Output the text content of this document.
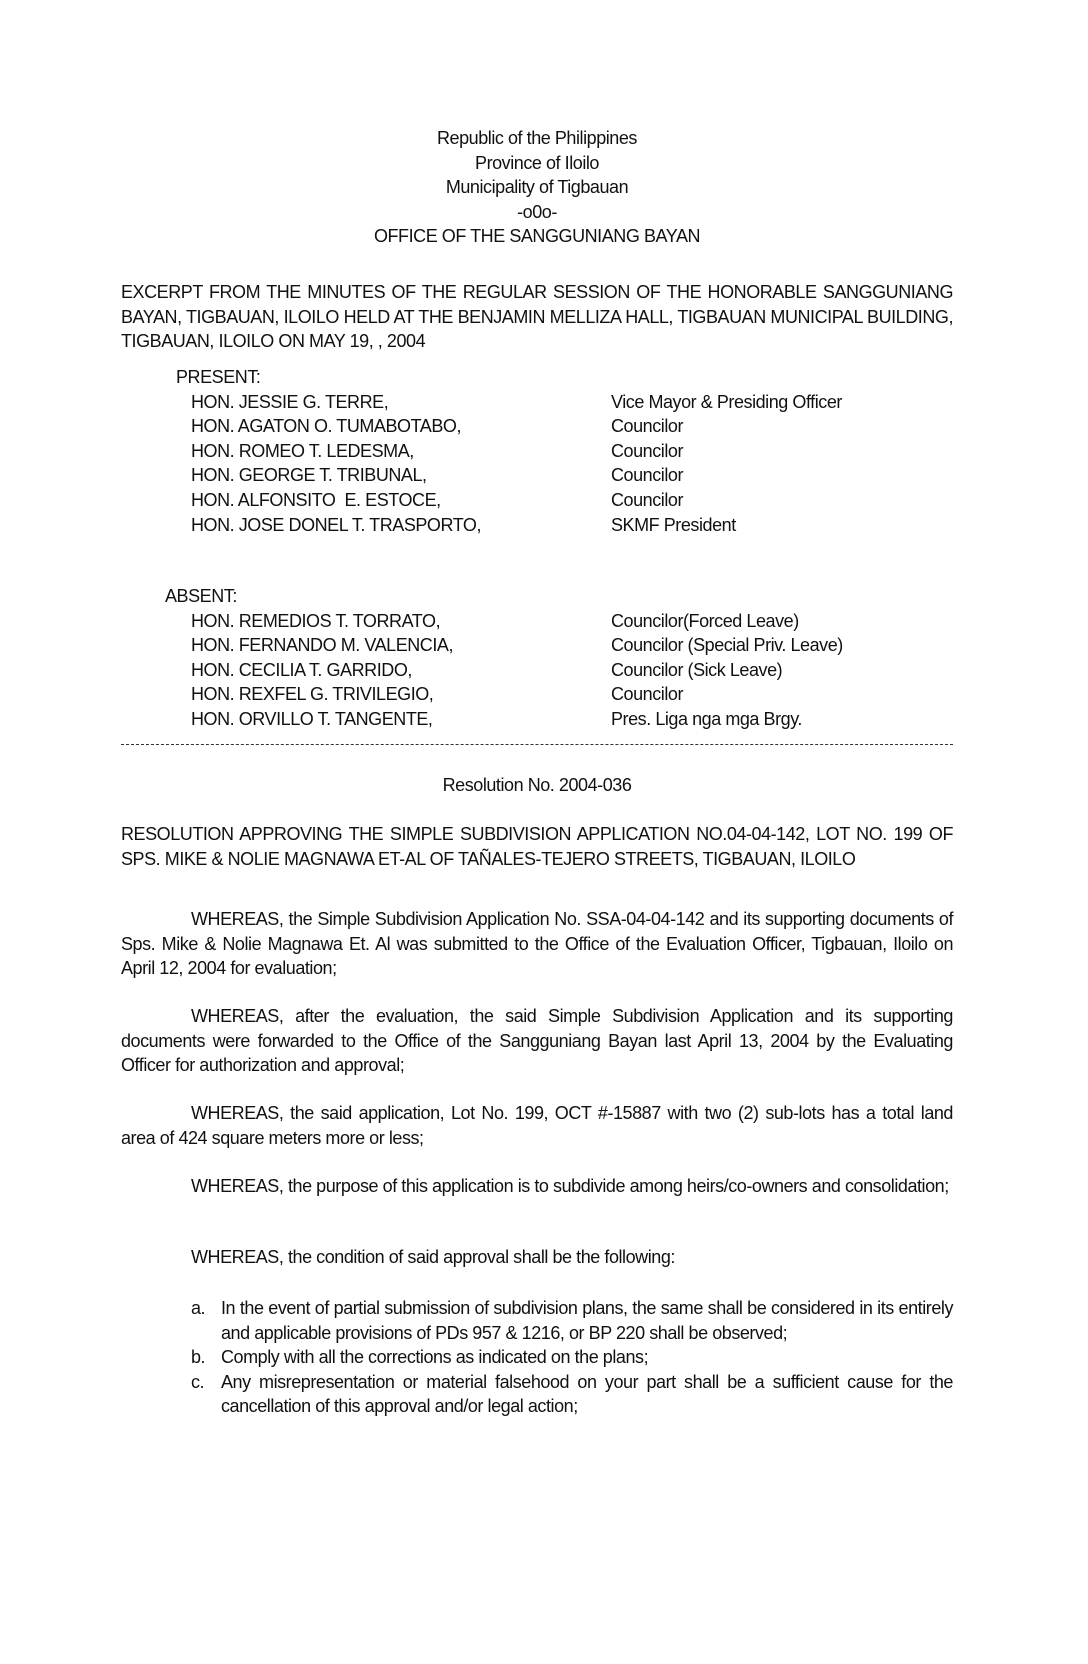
Republic of the Philippines
Province of Iloilo
Municipality of Tigbauan
-o0o-
OFFICE OF THE SANGGUNIANG BAYAN
EXCERPT FROM THE MINUTES OF THE REGULAR SESSION OF THE HONORABLE SANGGUNIANG BAYAN, TIGBAUAN, ILOILO HELD AT THE BENJAMIN MELLIZA HALL, TIGBAUAN MUNICIPAL BUILDING, TIGBAUAN, ILOILO ON MAY 19, , 2004
PRESENT:
HON. JESSIE G. TERRE,	Vice Mayor & Presiding Officer
HON. AGATON O. TUMABOTABO,	Councilor
HON. ROMEO T. LEDESMA,	Councilor
HON. GEORGE T. TRIBUNAL,	Councilor
HON. ALFONSITO  E. ESTOCE,	Councilor
HON. JOSE DONEL T. TRASPORTO,	SKMF President
ABSENT:
HON. REMEDIOS T. TORRATO,	Councilor(Forced Leave)
HON. FERNANDO M. VALENCIA,	Councilor (Special Priv. Leave)
HON. CECILIA T. GARRIDO,	Councilor (Sick Leave)
HON. REXFEL G. TRIVILEGIO,	Councilor
HON. ORVILLO T. TANGENTE,	Pres. Liga nga mga Brgy.
Resolution No. 2004-036
RESOLUTION APPROVING THE SIMPLE SUBDIVISION APPLICATION NO.04-04-142, LOT NO. 199 OF SPS. MIKE & NOLIE MAGNAWA ET-AL OF TAÑALES-TEJERO STREETS, TIGBAUAN, ILOILO
WHEREAS, the Simple Subdivision Application No. SSA-04-04-142 and its supporting documents of Sps. Mike & Nolie Magnawa Et. Al was submitted to the Office of the Evaluation Officer, Tigbauan, Iloilo on April 12, 2004 for evaluation;
WHEREAS, after the evaluation, the said Simple Subdivision Application and its supporting documents were forwarded to the Office of the Sangguniang Bayan last April 13, 2004 by the Evaluating Officer for authorization and approval;
WHEREAS, the said application, Lot No. 199, OCT #-15887 with two (2) sub-lots has a total land area of 424 square meters more or less;
WHEREAS, the purpose of this application is to subdivide among heirs/co-owners and consolidation;
WHEREAS, the condition of said approval shall be the following:
a. In the event of partial submission of subdivision plans, the same shall be considered in its entirely and applicable provisions of PDs 957 & 1216, or BP 220 shall be observed;
b. Comply with all the corrections as indicated on the plans;
c. Any misrepresentation or material falsehood on your part shall be a sufficient cause for the cancellation of this approval and/or legal action;
